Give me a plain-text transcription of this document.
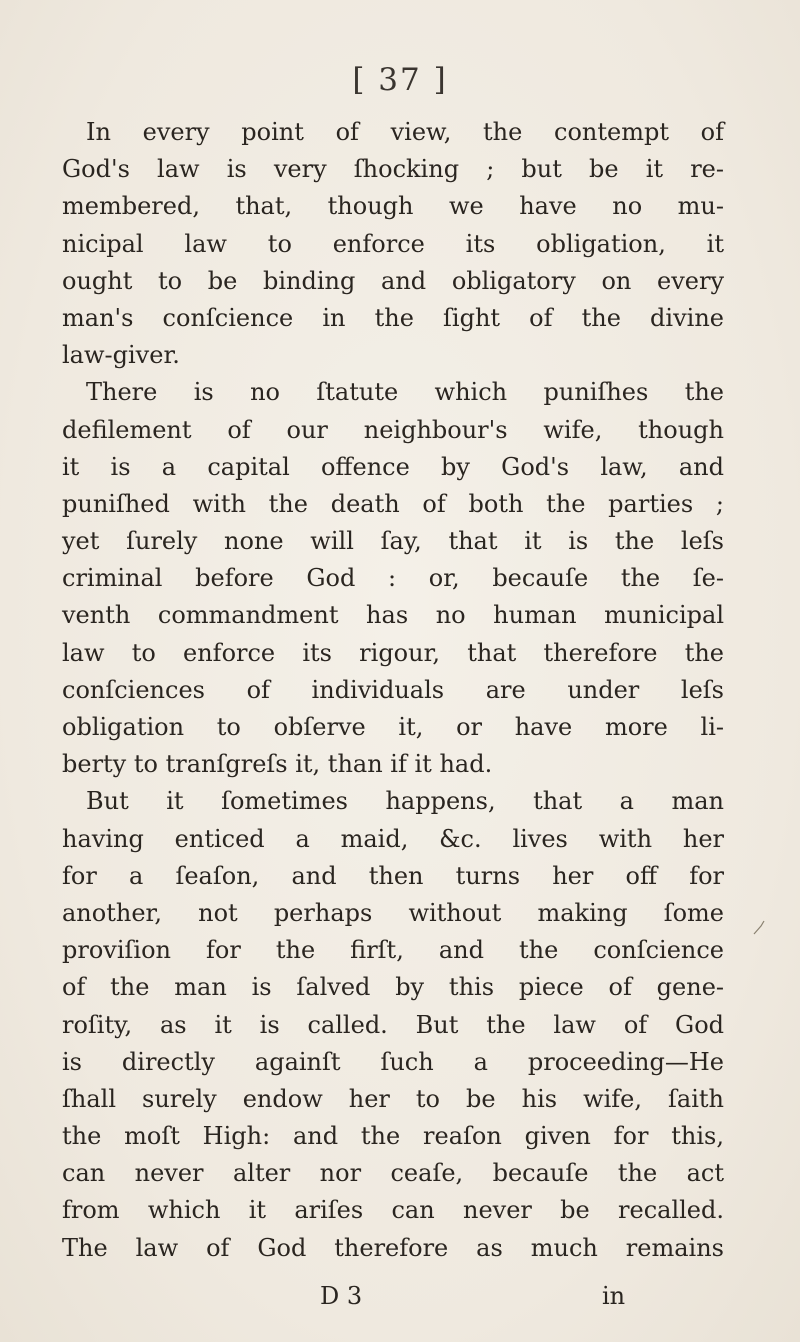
[ 37 ]
In every point of view, the contempt of
God's law is very ſhocking ; but be it re-
membered, that, though we have no mu-
nicipal law to enforce its obligation, it
ought to be binding and obligatory on every
man's conſcience in the ſight of the divine
law-giver.
There is no ſtatute which puniſhes the
defilement of our neighbour's wife, though
it is a capital offence by God's law, and
puniſhed with the death of both the parties ;
yet ſurely none will ſay, that it is the leſs
criminal before God : or, becauſe the ſe-
venth commandment has no human municipal
law to enforce its rigour, that therefore the
conſciences of individuals are under leſs
obligation to obſerve it, or have more li-
berty to tranſgreſs it, than if it had.
But it ſometimes happens, that a man
having enticed a maid, &c. lives with her
for a ſeaſon, and then turns her off for
another, not perhaps without making ſome
proviſion for the firſt, and the conſcience
of the man is ſalved by this piece of gene-
roſity, as it is called. But the law of God
is directly againſt ſuch a proceeding—He
ſhall surely endow her to be his wife, ſaith
the moſt High: and the reaſon given for this,
can never alter nor ceaſe, becauſe the act
from which it ariſes can never be recalled.
The law of God therefore as much remains
D 3	in
